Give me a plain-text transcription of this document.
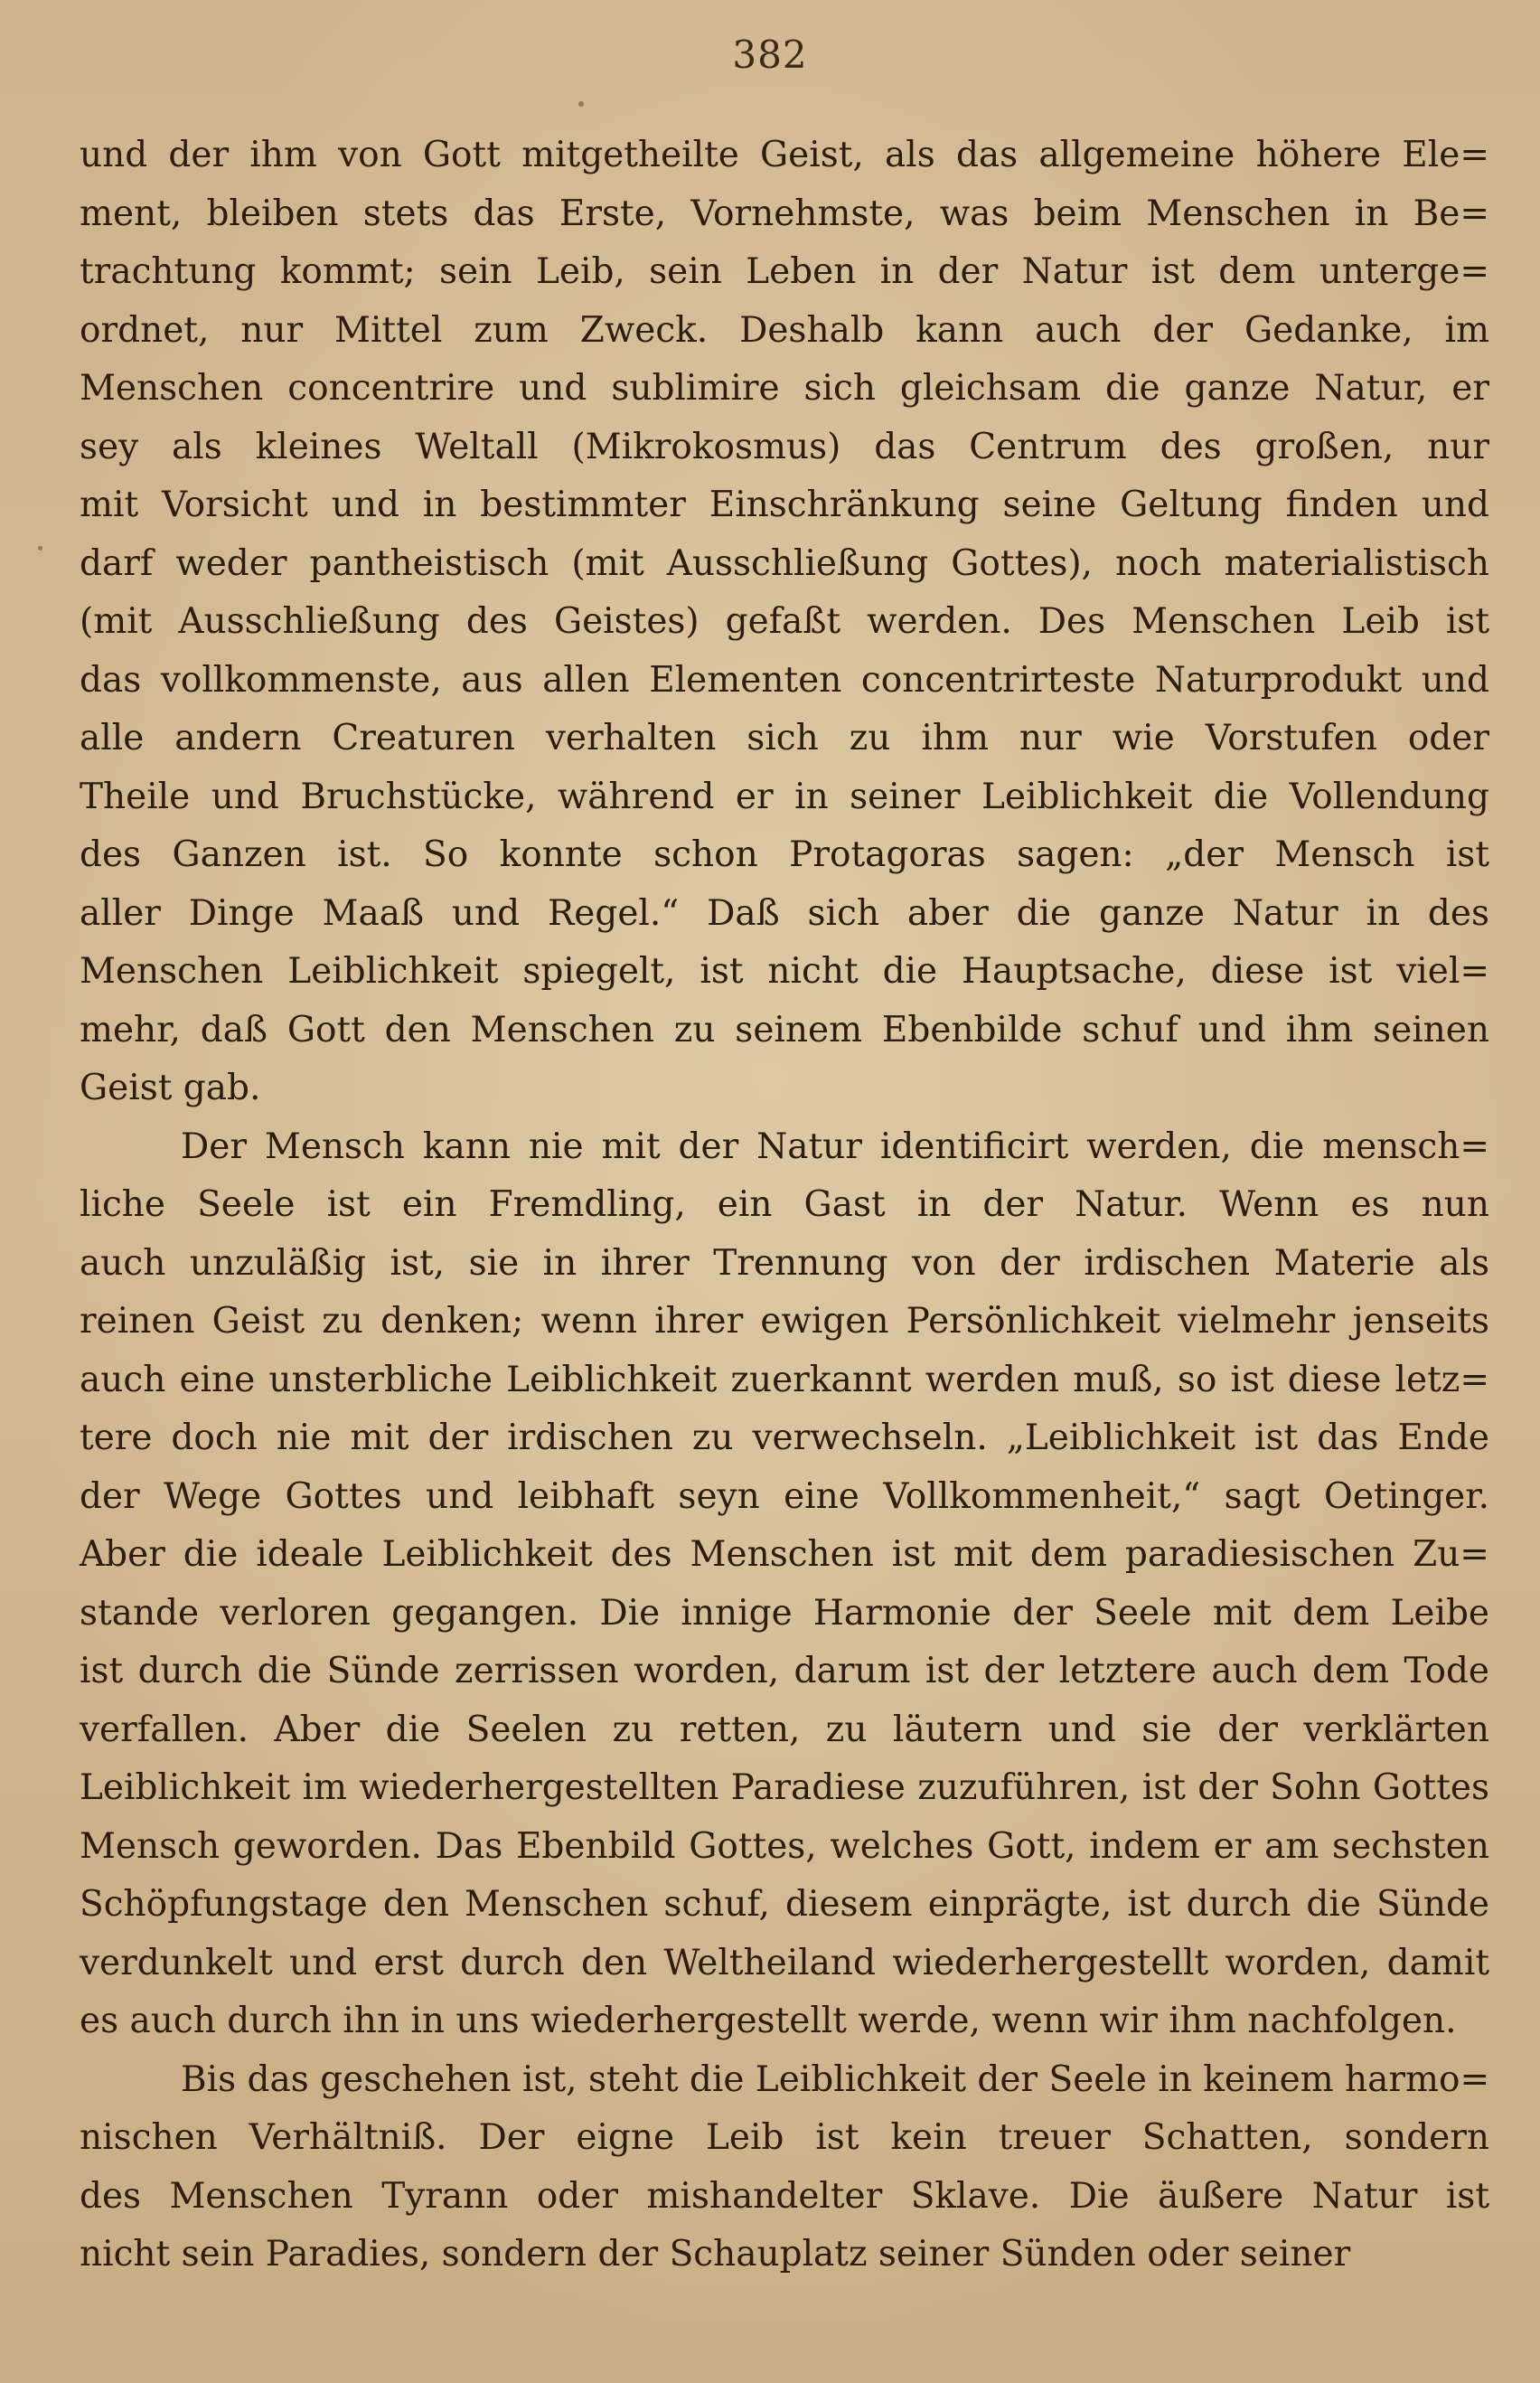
382
und der ihm von Gott mitgetheilte Geist, als das allgemeine höhere Ele=
ment, bleiben stets das Erste, Vornehmste, was beim Menschen in Be=
trachtung kommt; sein Leib, sein Leben in der Natur ist dem unterge=
ordnet, nur Mittel zum Zweck. Deshalb kann auch der Gedanke, im
Menschen concentrire und sublimire sich gleichsam die ganze Natur, er
sey als kleines Weltall (Mikrokosmus) das Centrum des großen, nur
mit Vorsicht und in bestimmter Einschränkung seine Geltung finden und
darf weder pantheistisch (mit Ausschließung Gottes), noch materialistisch
(mit Ausschließung des Geistes) gefaßt werden. Des Menschen Leib ist
das vollkommenste, aus allen Elementen concentrirteste Naturprodukt und
alle andern Creaturen verhalten sich zu ihm nur wie Vorstufen oder
Theile und Bruchstücke, während er in seiner Leiblichkeit die Vollendung
des Ganzen ist. So konnte schon Protagoras sagen: „der Mensch ist
aller Dinge Maaß und Regel.“ Daß sich aber die ganze Natur in des
Menschen Leiblichkeit spiegelt, ist nicht die Hauptsache, diese ist viel=
mehr, daß Gott den Menschen zu seinem Ebenbilde schuf und ihm seinen
Geist gab.
Der Mensch kann nie mit der Natur identificirt werden, die mensch=
liche Seele ist ein Fremdling, ein Gast in der Natur. Wenn es nun
auch unzuläßig ist, sie in ihrer Trennung von der irdischen Materie als
reinen Geist zu denken; wenn ihrer ewigen Persönlichkeit vielmehr jenseits
auch eine unsterbliche Leiblichkeit zuerkannt werden muß, so ist diese letz=
tere doch nie mit der irdischen zu verwechseln. „Leiblichkeit ist das Ende
der Wege Gottes und leibhaft seyn eine Vollkommenheit,“ sagt Oetinger.
Aber die ideale Leiblichkeit des Menschen ist mit dem paradiesischen Zu=
stande verloren gegangen. Die innige Harmonie der Seele mit dem Leibe
ist durch die Sünde zerrissen worden, darum ist der letztere auch dem Tode
verfallen. Aber die Seelen zu retten, zu läutern und sie der verklärten
Leiblichkeit im wiederhergestellten Paradiese zuzuführen, ist der Sohn Gottes
Mensch geworden. Das Ebenbild Gottes, welches Gott, indem er am sechsten
Schöpfungstage den Menschen schuf, diesem einprägte, ist durch die Sünde
verdunkelt und erst durch den Weltheiland wiederhergestellt worden, damit
es auch durch ihn in uns wiederhergestellt werde, wenn wir ihm nachfolgen.
Bis das geschehen ist, steht die Leiblichkeit der Seele in keinem harmo=
nischen Verhältniß. Der eigne Leib ist kein treuer Schatten, sondern
des Menschen Tyrann oder mishandelter Sklave. Die äußere Natur ist
nicht sein Paradies, sondern der Schauplatz seiner Sünden oder seiner
